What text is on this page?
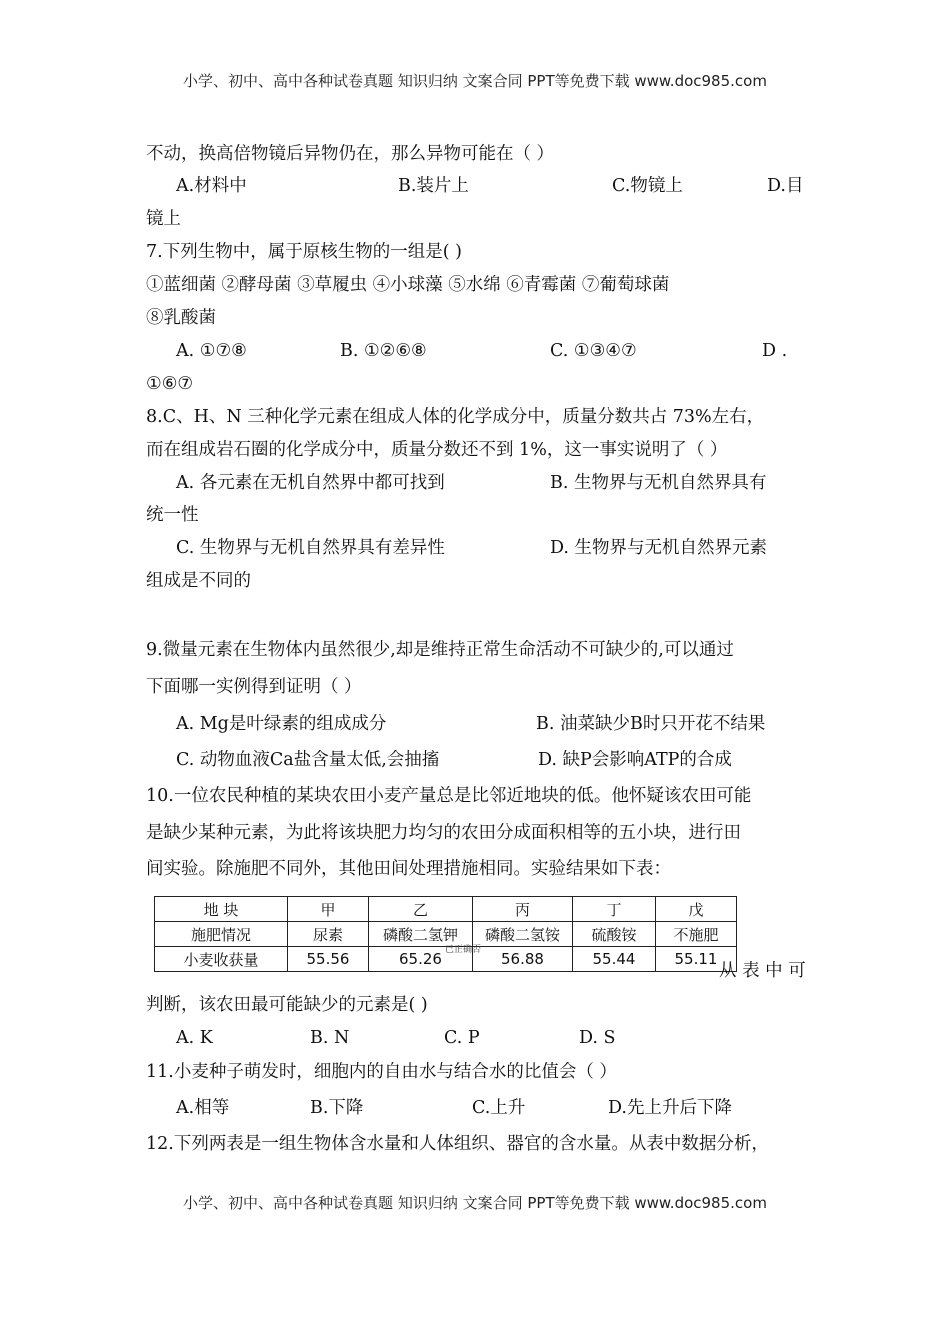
小学、初中、高中各种试卷真题 知识归纳 文案合同 PPT等免费下载 www.doc985.com
不动，换高倍物镜后异物仍在，那么异物可能在（ ）
A.材料中	B.装片上	C.物镜上	D.目
镜上
7.下列生物中，属于原核生物的一组是( )
①蓝细菌 ②酵母菌 ③草履虫 ④小球藻 ⑤水绵 ⑥青霉菌 ⑦葡萄球菌
⑧乳酸菌
A. ①⑦⑧	B. ①②⑥⑧	C. ①③④⑦	D .
①⑥⑦
8.C、H、N 三种化学元素在组成人体的化学成分中，质量分数共占 73%左右，
而在组成岩石圈的化学成分中，质量分数还不到 1%，这一事实说明了（ ）
A. 各元素在无机自然界中都可找到	B. 生物界与无机自然界具有
统一性
C. 生物界与无机自然界具有差异性	D. 生物界与无机自然界元素
组成是不同的
9.微量元素在生物体内虽然很少,却是维持正常生命活动不可缺少的,可以通过
下面哪一实例得到证明（ ）
A. Mg是叶绿素的组成成分	B. 油菜缺少B时只开花不结果
C. 动物血液Ca盐含量太低,会抽搐	D. 缺P会影响ATP的合成
10.一位农民种植的某块农田小麦产量总是比邻近地块的低。他怀疑该农田可能
是缺少某种元素，为此将该块肥力均匀的农田分成面积相等的五小块，进行田
间实验。除施肥不同外，其他田间处理措施相同。实验结果如下表：
地 块	甲	乙	丙	丁	戊
施肥情况	尿素	磷酸二氢钾	磷酸二氢铵	硫酸铵	不施肥
小麦收获量	55.56	65.26	56.88	55.44	55.11
已正确否
从 表 中 可
判断，该农田最可能缺少的元素是( )
A. K	B. N	C. P	D. S
11.小麦种子萌发时，细胞内的自由水与结合水的比值会（ ）
A.相等	B.下降	C.上升	D.先上升后下降
12.下列两表是一组生物体含水量和人体组织、器官的含水量。从表中数据分析，
小学、初中、高中各种试卷真题 知识归纳 文案合同 PPT等免费下载 www.doc985.com
